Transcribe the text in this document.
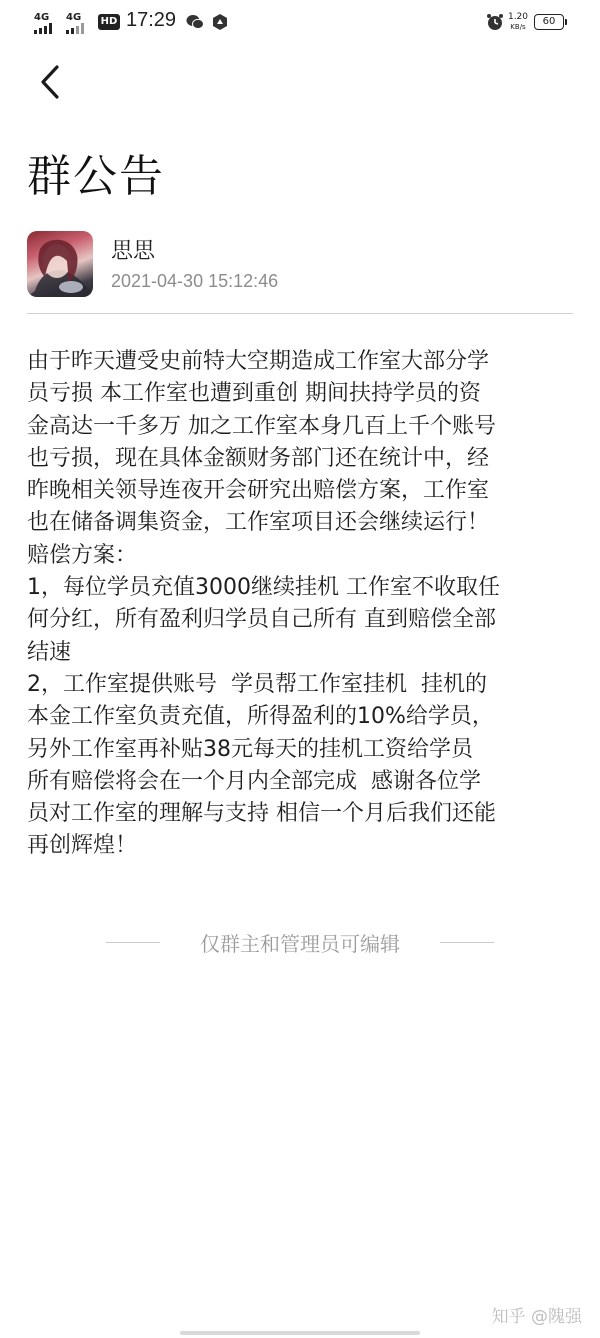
4G 4G HD 17:29	1.20
KB/s	60
群公告
思思
2021-04-30 15:12:46
由于昨天遭受史前特大空期造成工作室大部分学
员亏损 本工作室也遭到重创 期间扶持学员的资
金高达一千多万 加之工作室本身几百上千个账号
也亏损，现在具体金额财务部门还在统计中，经
昨晚相关领导连夜开会研究出赔偿方案，工作室
也在储备调集资金，工作室项目还会继续运行！
赔偿方案：
1，每位学员充值3000继续挂机 工作室不收取任
何分红，所有盈利归学员自己所有 直到赔偿全部
结速
2，工作室提供账号  学员帮工作室挂机  挂机的
本金工作室负责充值，所得盈利的10%给学员，
另外工作室再补贴38元每天的挂机工资给学员
所有赔偿将会在一个月内全部完成  感谢各位学
员对工作室的理解与支持 相信一个月后我们还能
再创辉煌！
仅群主和管理员可编辑
知乎 @隗强
